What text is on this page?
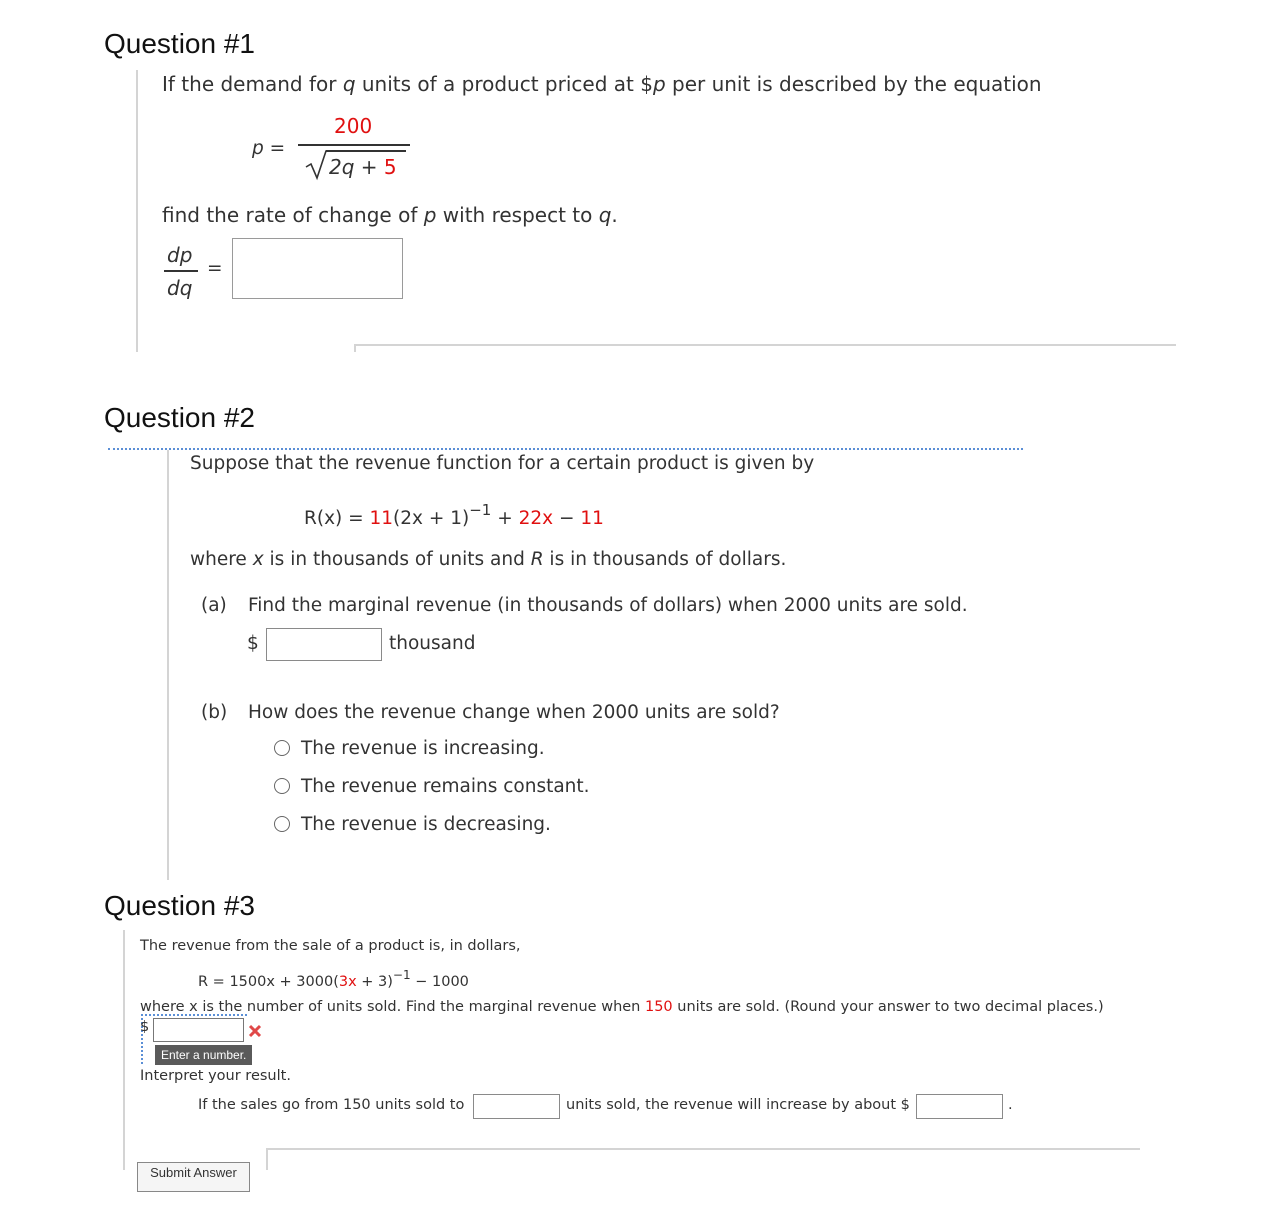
Question #1
If the demand for q units of a product priced at $p per unit is described by the equation
p =
200
2q + 5
find the rate of change of p with respect to q.
dp
dq
=
Question #2
Suppose that the revenue function for a certain product is given by
$R(x) = 11(2x + 1)^{-1} + 22x - 11$
where x is in thousands of units and R is in thousands of dollars.
(a) Find the marginal revenue (in thousands of dollars) when 2000 units are sold.
$	thousand
(b) How does the revenue change when 2000 units are sold?
The revenue is increasing.
The revenue remains constant.
The revenue is decreasing.
Question #3
The revenue from the sale of a product is, in dollars,
$R = 1500x + 3000(3x + 3)^{-1} - 1000$
where x is the number of units sold. Find the marginal revenue when 150 units are sold. (Round your answer to two decimal places.)
$
Enter a number.
Interpret your result.
If the sales go from 150 units sold to	units sold, the revenue will increase by about $	.
Submit Answer
